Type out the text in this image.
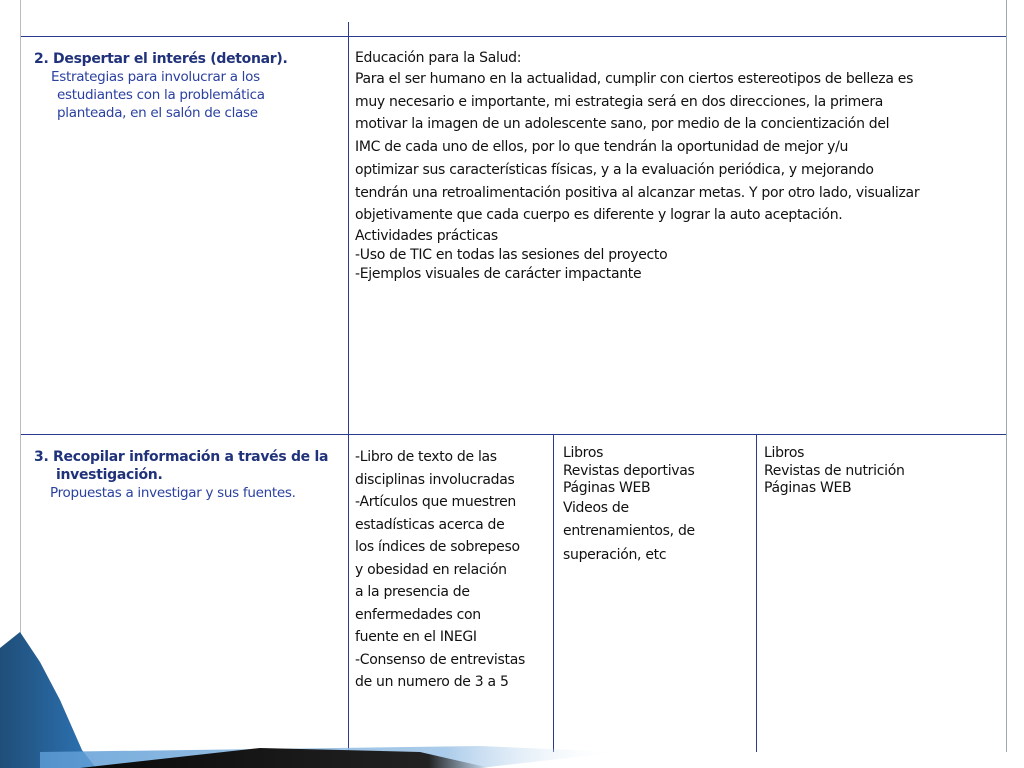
2. Despertar el interés (detonar).

Estrategias para involucrar a los

estudiantes con la problemática

planteada, en el salón de clase

Educación para la Salud:

Para el ser humano en la actualidad, cumplir con ciertos estereotipos de belleza es

muy necesario e importante, mi estrategia será en dos direcciones, la primera

motivar la imagen de un adolescente sano, por medio de la concientización del

IMC de cada uno de ellos, por lo que tendrán la oportunidad de mejor y/u

optimizar sus características físicas, y a la evaluación periódica, y mejorando

tendrán una retroalimentación positiva al alcanzar metas. Y por otro lado, visualizar

objetivamente que cada cuerpo es diferente y lograr la auto aceptación.

Actividades prácticas

-Uso de TIC en todas las sesiones del proyecto

-Ejemplos visuales de carácter impactante

3. Recopilar información a través de la

investigación.

Propuestas a investigar y sus fuentes.

-Libro de texto de las

disciplinas involucradas

-Artículos que muestren

estadísticas acerca de

los índices de sobrepeso

y obesidad en relación

a la presencia de

enfermedades con

fuente en el INEGI

-Consenso de entrevistas

de un numero de 3 a 5

Libros

Revistas deportivas

Páginas WEB

Videos de

entrenamientos, de

superación, etc

Libros

Revistas de nutrición

Páginas WEB
